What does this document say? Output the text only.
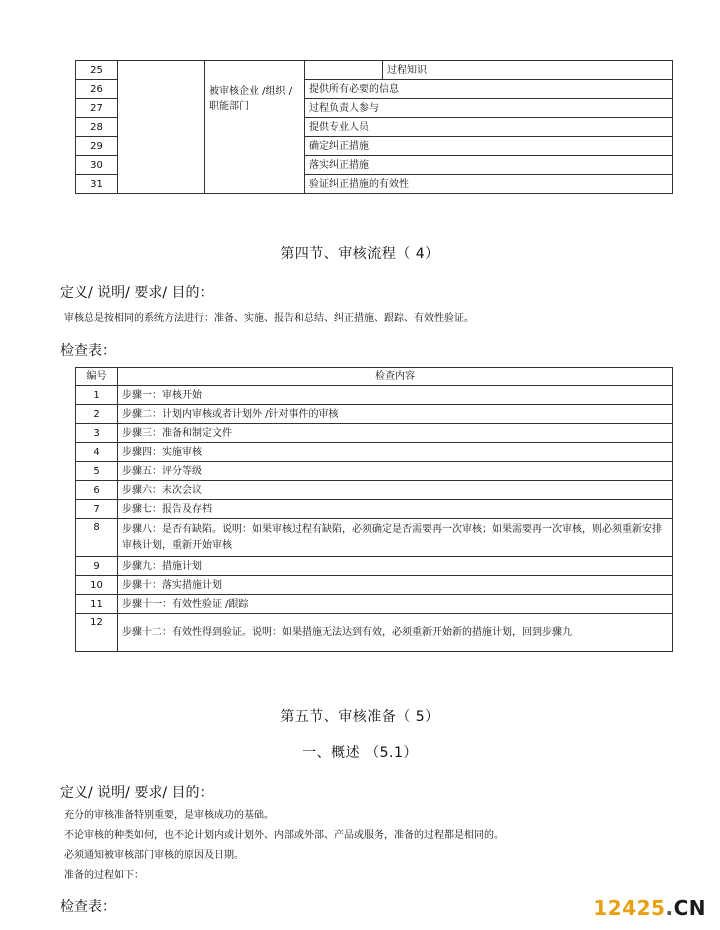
25				过程知识
26		被审核企业 /组织 /职能部门	提供所有必要的信息	
27			过程负责人参与	
28			提供专业人员	
29			确定纠正措施	
30			落实纠正措施	
31			验证纠正措施的有效性	
第四节、审核流程（ 4）
定义/ 说明/ 要求/ 目的：
审核总是按相同的系统方法进行：准备、实施、报告和总结、纠正措施、跟踪、有效性验证。
检查表：
编号	检查内容
1	步骤一：审核开始
2	步骤二：计划内审核或者计划外 /针对事件的审核
3	步骤三：准备和制定文件
4	步骤四：实施审核
5	步骤五：评分等级
6	步骤六：末次会议
7	步骤七：报告及存档
8	步骤八：是否有缺陷。说明：如果审核过程有缺陷，必须确定是否需要再一次审核；如果需要再一次审核，则必须重新安排审核计划，重新开始审核
9	步骤九：措施计划
10	步骤十：落实措施计划
11	步骤十一：有效性验证 /跟踪
12	步骤十二：有效性得到验证。说明：如果措施无法达到有效，必须重新开始新的措施计划，回到步骤九
第五节、审核准备（ 5）
一、概述 （5.1）
定义/ 说明/ 要求/ 目的：
充分的审核准备特别重要，是审核成功的基础。
不论审核的种类如何，也不论计划内或计划外、内部或外部、产品或服务，准备的过程都是相同的。
必须通知被审核部门审核的原因及日期。
准备的过程如下：
检查表：	12425.CN
